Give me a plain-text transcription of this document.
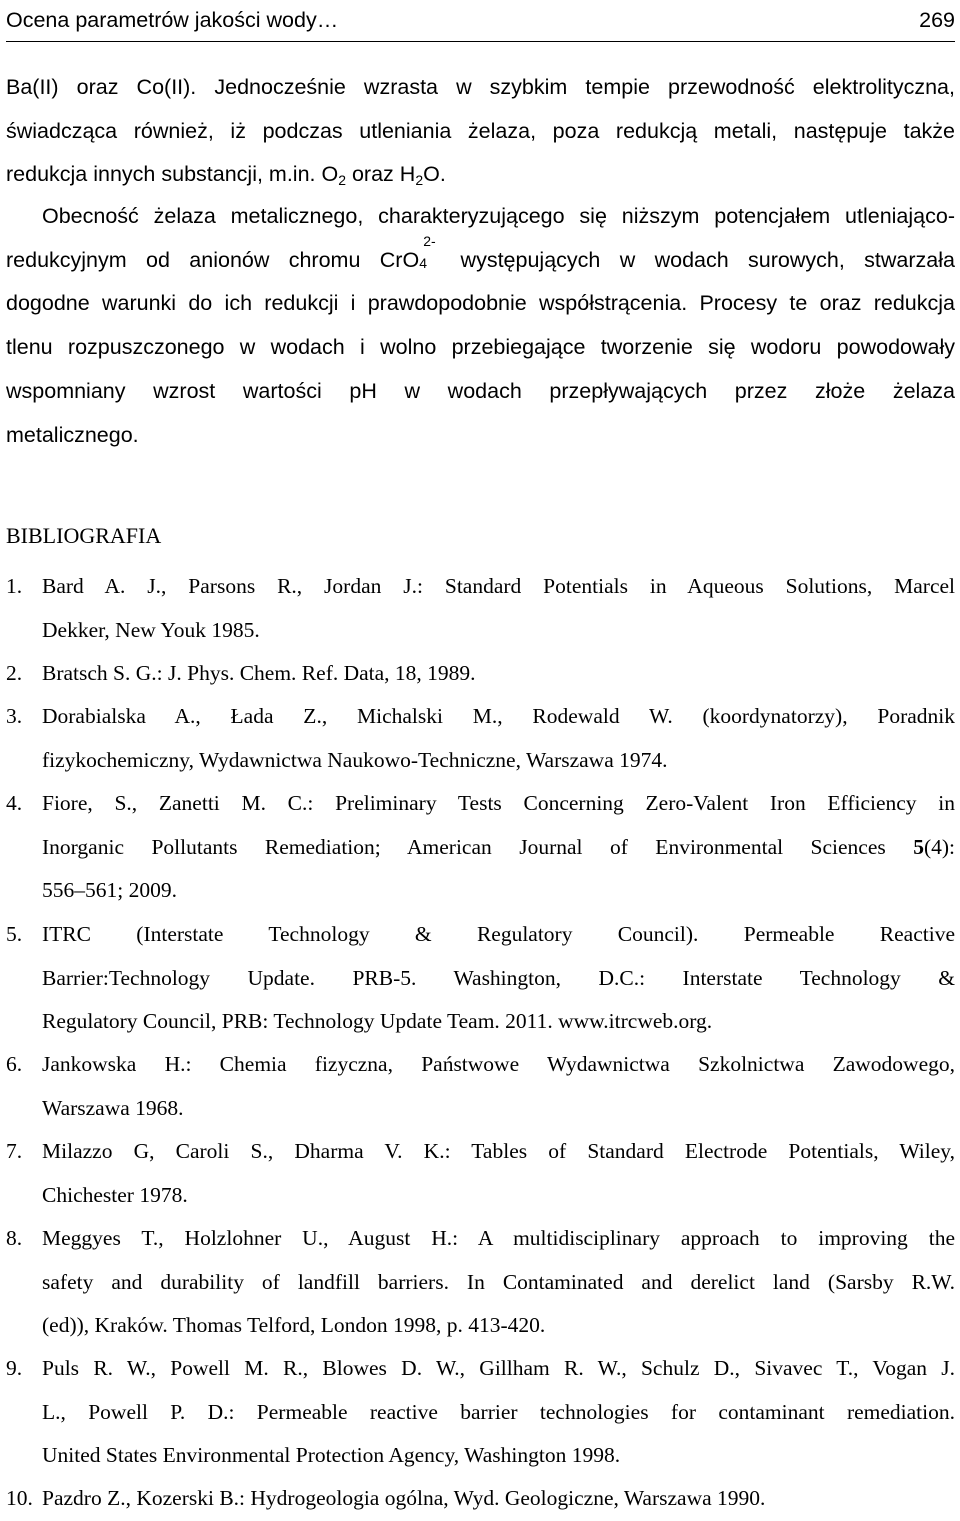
Ocena parametrów jakości wody…	269
Ba(II) oraz Co(II). Jednocześnie wzrasta w szybkim tempie przewodność elektrolityczna,
świadcząca również, iż podczas utleniania żelaza, poza redukcją metali, następuje także
redukcja innych substancji, m.in. $O_2$ oraz $H_2O$.
Obecność żelaza metalicznego, charakteryzującego się niższym potencjałem utleniająco-
redukcyjnym od anionów chromu CrO 4
2-
występujących w wodach surowych, stwarzała
dogodne warunki do ich redukcji i prawdopodobnie współstrącenia. Procesy te oraz redukcja
tlenu rozpuszczonego w wodach i wolno przebiegające tworzenie się wodoru powodowały
wspomniany wzrost wartości pH w wodach przepływających przez złoże żelaza
metalicznego.
BIBLIOGRAFIA
1. Bard A. J., Parsons R., Jordan J.: Standard Potentials in Aqueous Solutions, Marcel
Dekker, New Youk 1985.
2. Bratsch S. G.: J. Phys. Chem. Ref. Data, 18, 1989.
3. Dorabialska A., Łada Z., Michalski M., Rodewald W. (koordynatorzy), Poradnik
fizykochemiczny, Wydawnictwa Naukowo-Techniczne, Warszawa 1974.
4. Fiore, S., Zanetti M. C.: Preliminary Tests Concerning Zero-Valent Iron Efficiency in
Inorganic Pollutants Remediation; American Journal of Environmental Sciences 5(4):
556–561; 2009.
5. ITRC (Interstate Technology & Regulatory Council). Permeable Reactive
Barrier:Technology Update. PRB-5. Washington, D.C.: Interstate Technology &
Regulatory Council, PRB: Technology Update Team. 2011. www.itrcweb.org.
6. Jankowska H.: Chemia fizyczna, Państwowe Wydawnictwa Szkolnictwa Zawodowego,
Warszawa 1968.
7. Milazzo G, Caroli S., Dharma V. K.: Tables of Standard Electrode Potentials, Wiley,
Chichester 1978.
8. Meggyes T., Holzlohner U., August H.: A multidisciplinary approach to improving the
safety and durability of landfill barriers. In Contaminated and derelict land (Sarsby R.W.
(ed)), Kraków. Thomas Telford, London 1998, p. 413-420.
9. Puls R. W., Powell M. R., Blowes D. W., Gillham R. W., Schulz D., Sivavec T., Vogan J.
L., Powell P. D.: Permeable reactive barrier technologies for contaminant remediation.
United States Environmental Protection Agency, Washington 1998.
10. Pazdro Z., Kozerski B.: Hydrogeologia ogólna, Wyd. Geologiczne, Warszawa 1990.
